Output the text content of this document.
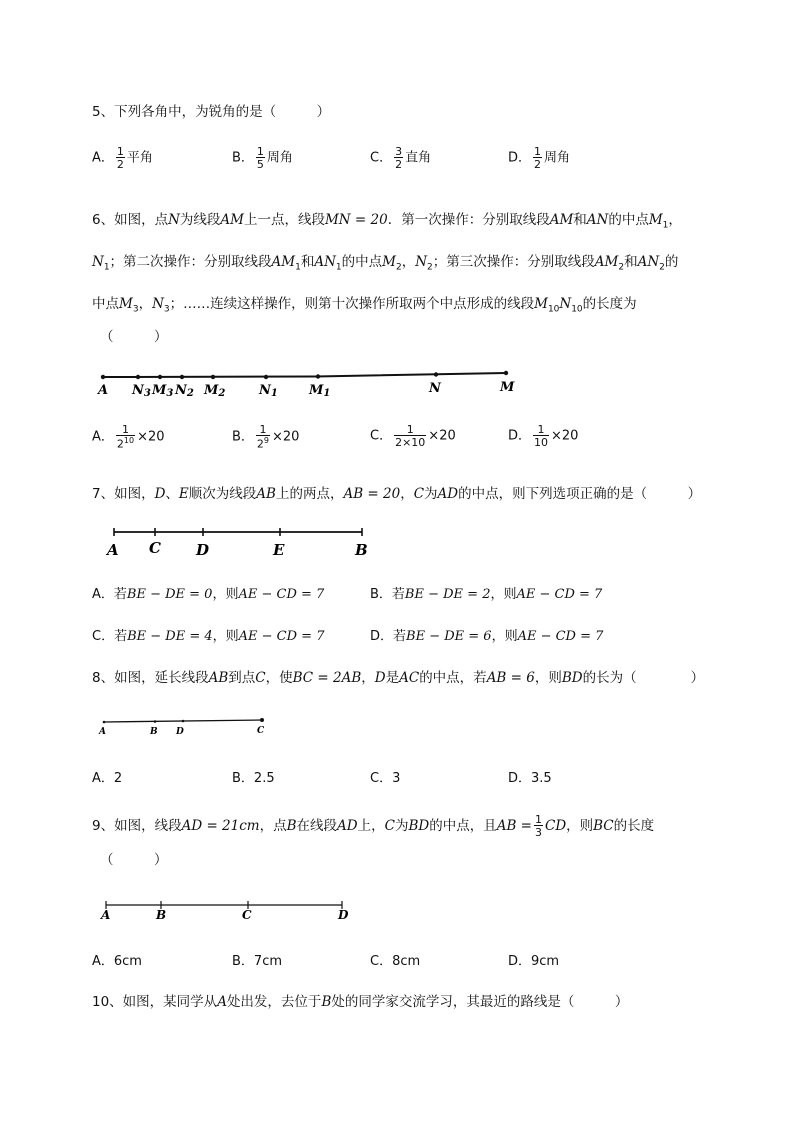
5、下列各角中，为锐角的是（　　　）
A． $\frac{1}{2}$ 平角	B． $\frac{1}{5}$ 周角	C． $\frac{3}{2}$ 直角	D． $\frac{1}{2}$ 周角
6、如图，点N为线段AM上一点，线段MN = 20．第一次操作：分别取线段AM和AN的中点$M_1$，
$N_1$；第二次操作：分别取线段$AM_1$和$AN_1$的中点$M_2$，$N_2$；第三次操作：分别取线段$AM_2$和$AN_2$的
中点$M_3$，$N_3$；……连续这样操作，则第十次操作所取两个中点形成的线段$M_{10}N_{10}$的长度为
（　　　）
A N3 M3 N2 M2	N1 M1	N	M
A． $\frac{1}{2^{10}} \times 20$	B． $\frac{1}{2^9} \times 20$	C． $\frac{1}{2\times 10} \times 20$	D． $\frac{1}{10} \times 20$
7、如图，D、E顺次为线段AB上的两点，AB = 20，C为AD的中点，则下列选项正确的是（　　　）
A C D	E	B
A．若BE − DE = 0，则AE − CD = 7	B．若BE − DE = 2，则AE − CD = 7
C．若BE − DE = 4，则AE − CD = 7	D．若BE − DE = 6，则AE − CD = 7
8、如图，延长线段AB到点C，使BC = 2AB，D是AC的中点，若AB = 6，则BD的长为（　　　　）
A	B D	C
A．2	B．2.5	C．3	D．3.5
9、如图，线段AD = 21cm，点B在线段AD上，C为BD的中点，且AB = $\frac{1}{3}$ CD，则BC的长度
（　　　）
A	B	C	D
A．6cm	B．7cm	C．8cm	D．9cm
10、如图，某同学从A处出发，去位于B处的同学家交流学习，其最近的路线是（　　　）
